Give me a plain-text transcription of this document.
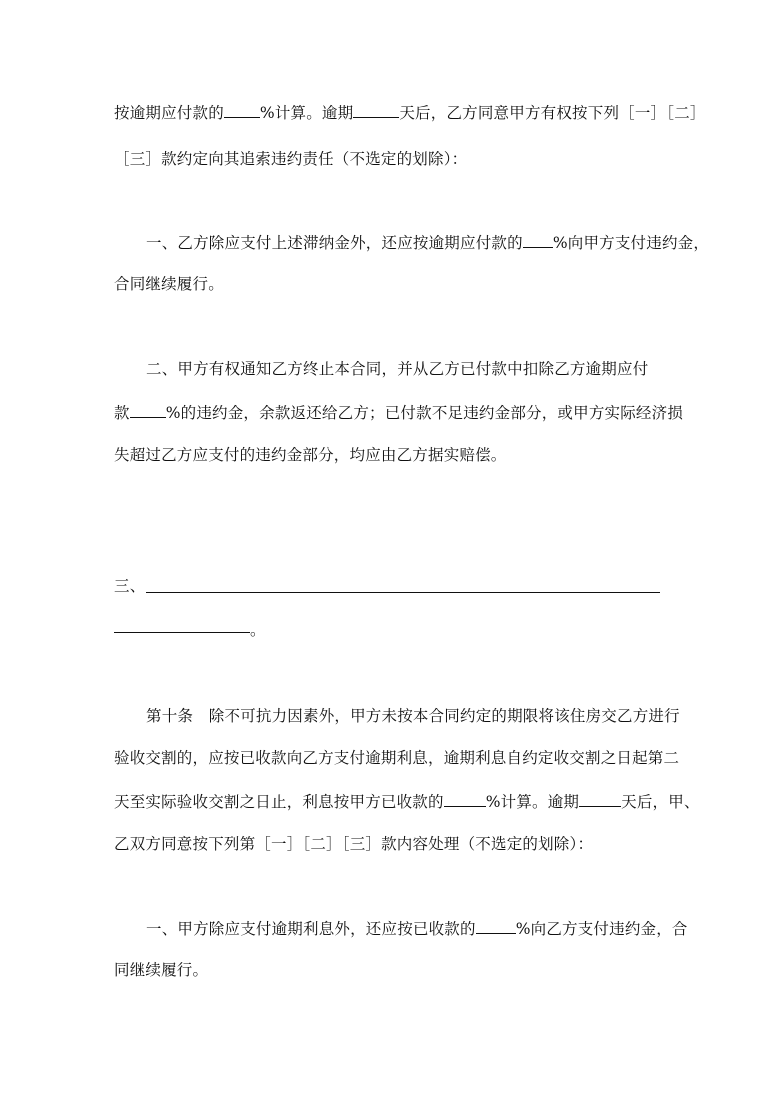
按逾期应付款的 %计算。逾期	天后，乙方同意甲方有权按下列［一］［二］
［三］款约定向其追索违约责任（不选定的划除）：
一、乙方除应支付上述滞纳金外，还应按逾期应付款的 %向甲方支付违约金，
合同继续履行。
二、甲方有权通知乙方终止本合同，并从乙方已付款中扣除乙方逾期应付
款 %的违约金，余款返还给乙方；已付款不足违约金部分，或甲方实际经济损
失超过乙方应支付的违约金部分，均应由乙方据实赔偿。
三、
。
第十条　除不可抗力因素外，甲方未按本合同约定的期限将该住房交乙方进行
验收交割的，应按已收款向乙方支付逾期利息，逾期利息自约定收交割之日起第二
天至实际验收交割之日止，利息按甲方已收款的	%计算。逾期	天后，甲、
乙双方同意按下列第［一］［二］［三］款内容处理（不选定的划除）：
一、甲方除应支付逾期利息外，还应按已收款的	%向乙方支付违约金，合
同继续履行。
